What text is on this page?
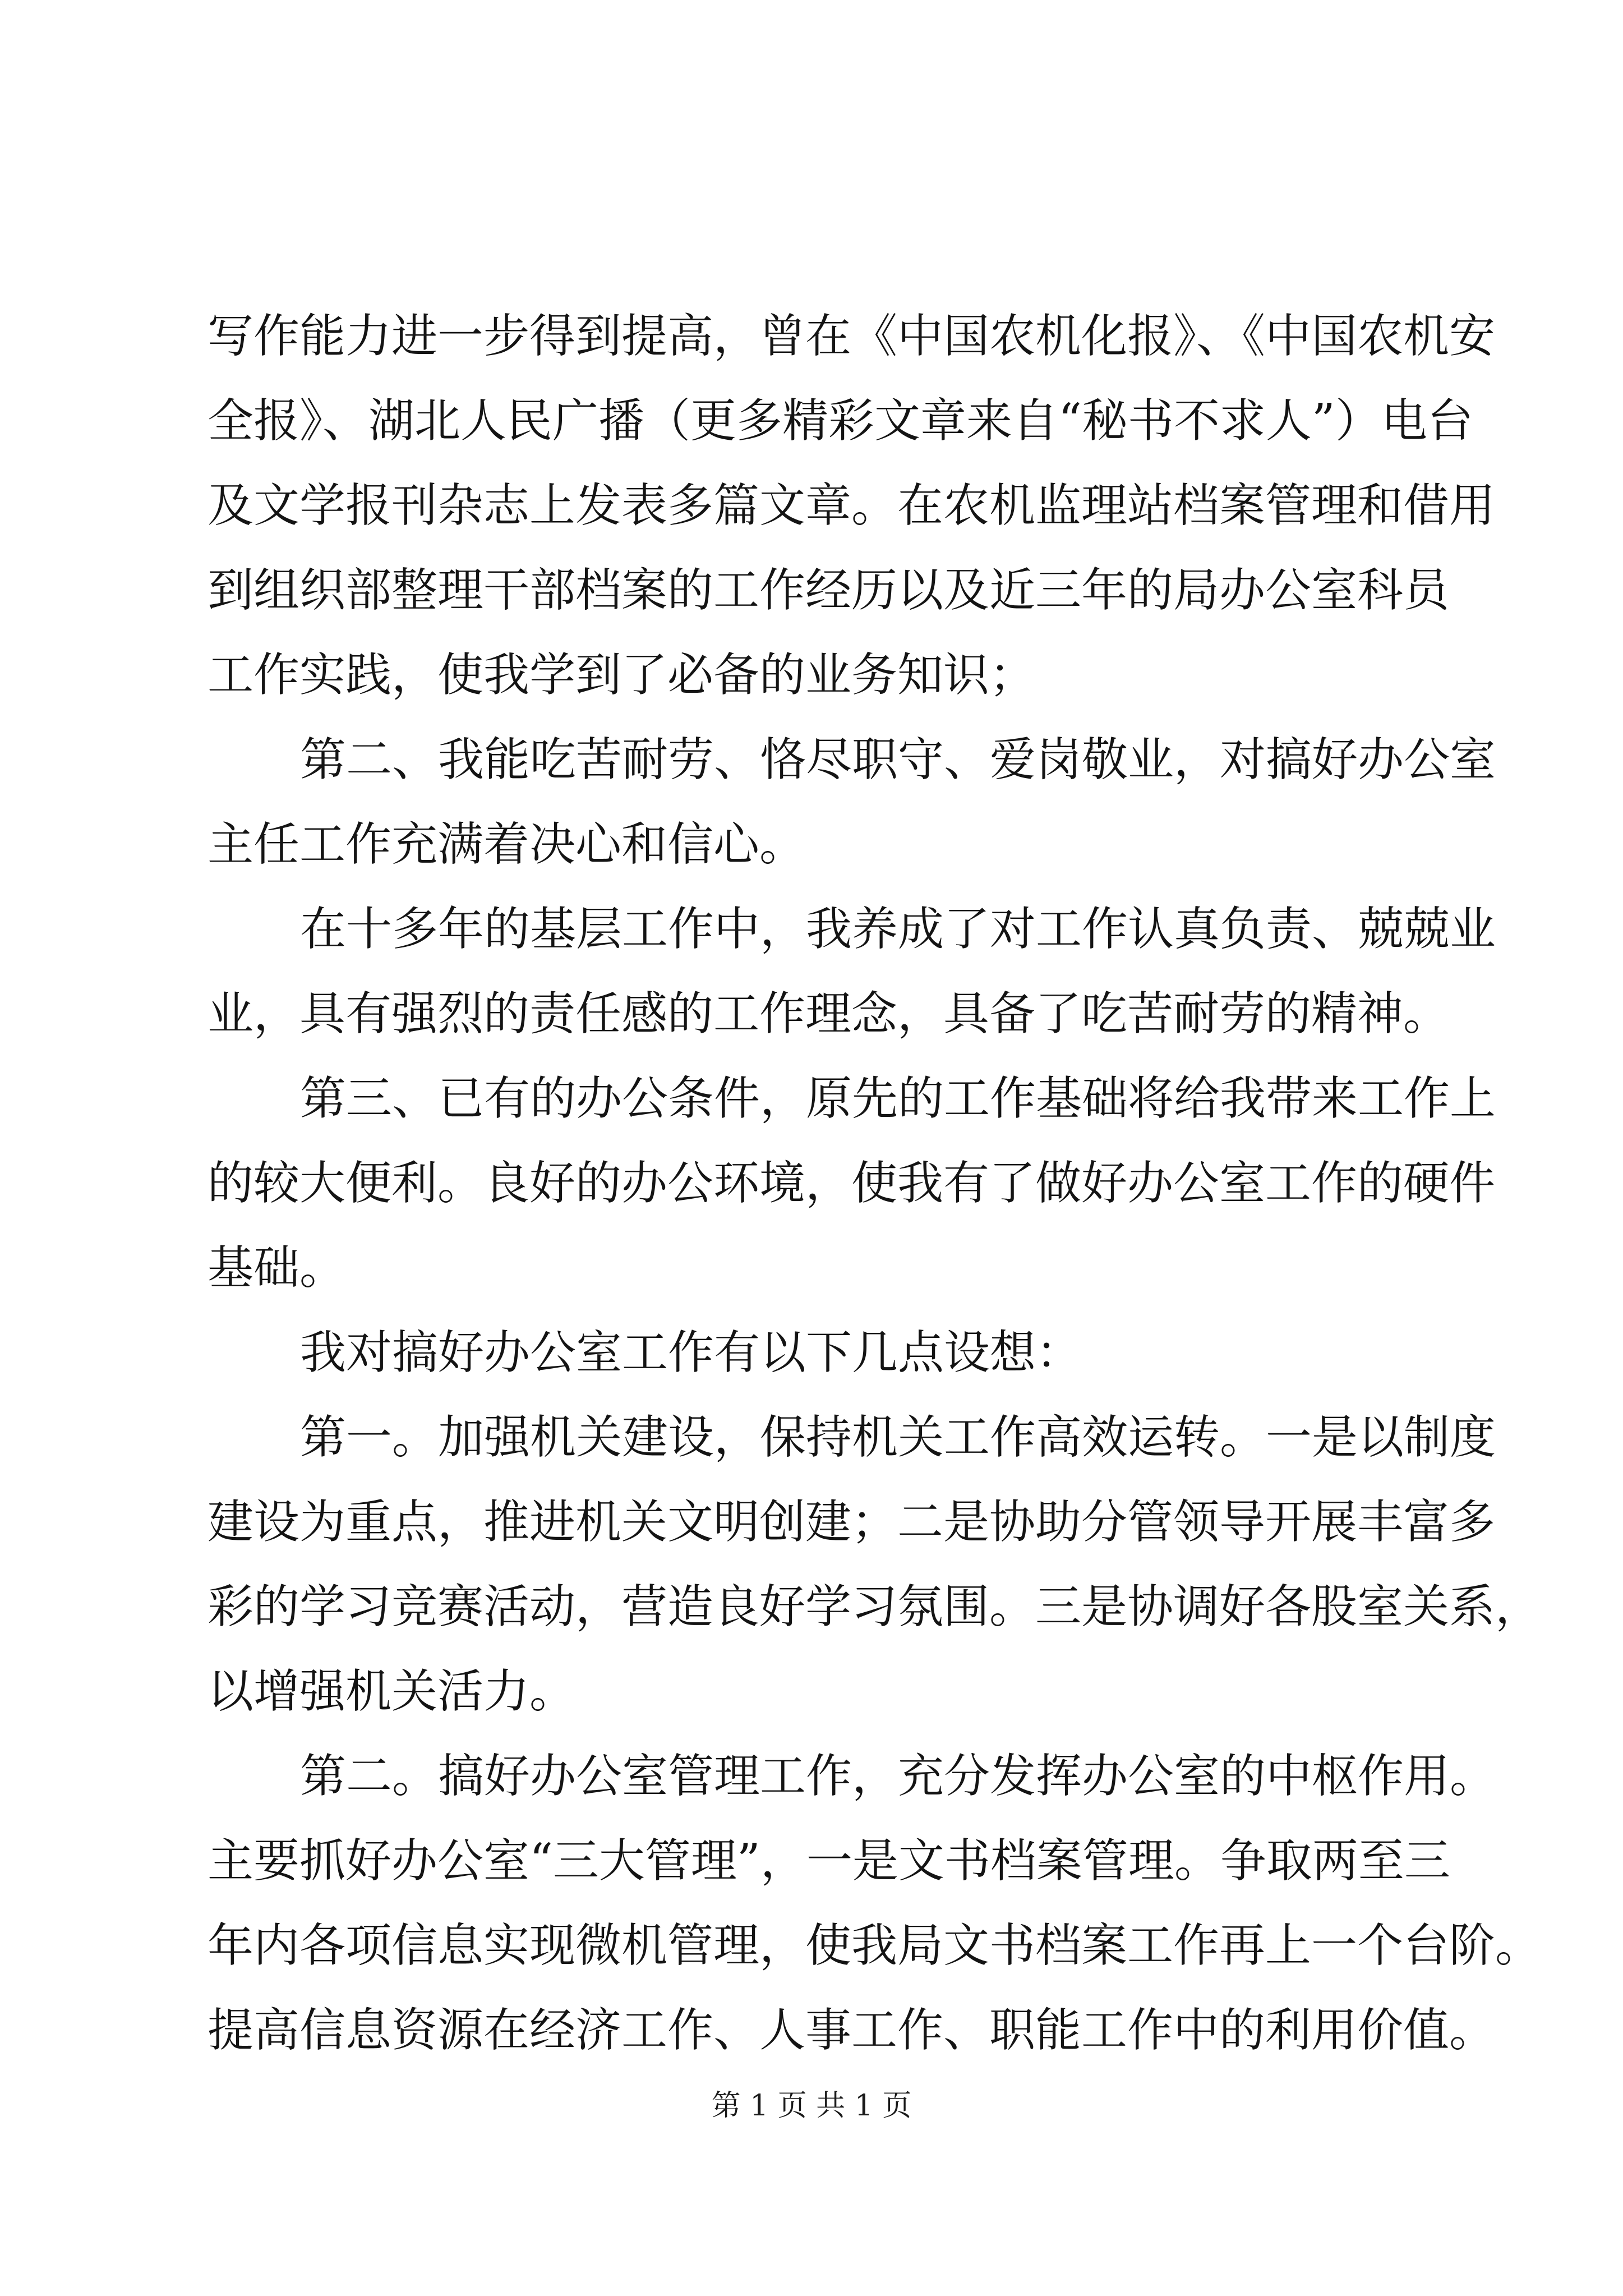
写作能力进一步得到提高，曾在《中国农机化报》、《中国农机安
全报》、湖北人民广播（更多精彩文章来自“秘书不求人”）电台
及文学报刊杂志上发表多篇文章。在农机监理站档案管理和借用
到组织部整理干部档案的工作经历以及近三年的局办公室科员
工作实践，使我学到了必备的业务知识；
第二、我能吃苦耐劳、恪尽职守、爱岗敬业，对搞好办公室
主任工作充满着决心和信心。
在十多年的基层工作中，我养成了对工作认真负责、兢兢业
业，具有强烈的责任感的工作理念，具备了吃苦耐劳的精神。
第三、已有的办公条件，原先的工作基础将给我带来工作上
的较大便利。良好的办公环境，使我有了做好办公室工作的硬件
基础。
我对搞好办公室工作有以下几点设想：
第一。加强机关建设，保持机关工作高效运转。一是以制度
建设为重点，推进机关文明创建；二是协助分管领导开展丰富多
彩的学习竞赛活动，营造良好学习氛围。三是协调好各股室关系，
以增强机关活力。
第二。搞好办公室管理工作，充分发挥办公室的中枢作用。
主要抓好办公室“三大管理”，一是文书档案管理。争取两至三
年内各项信息实现微机管理，使我局文书档案工作再上一个台阶。
提高信息资源在经济工作、人事工作、职能工作中的利用价值。
第 1 页 共 1 页
